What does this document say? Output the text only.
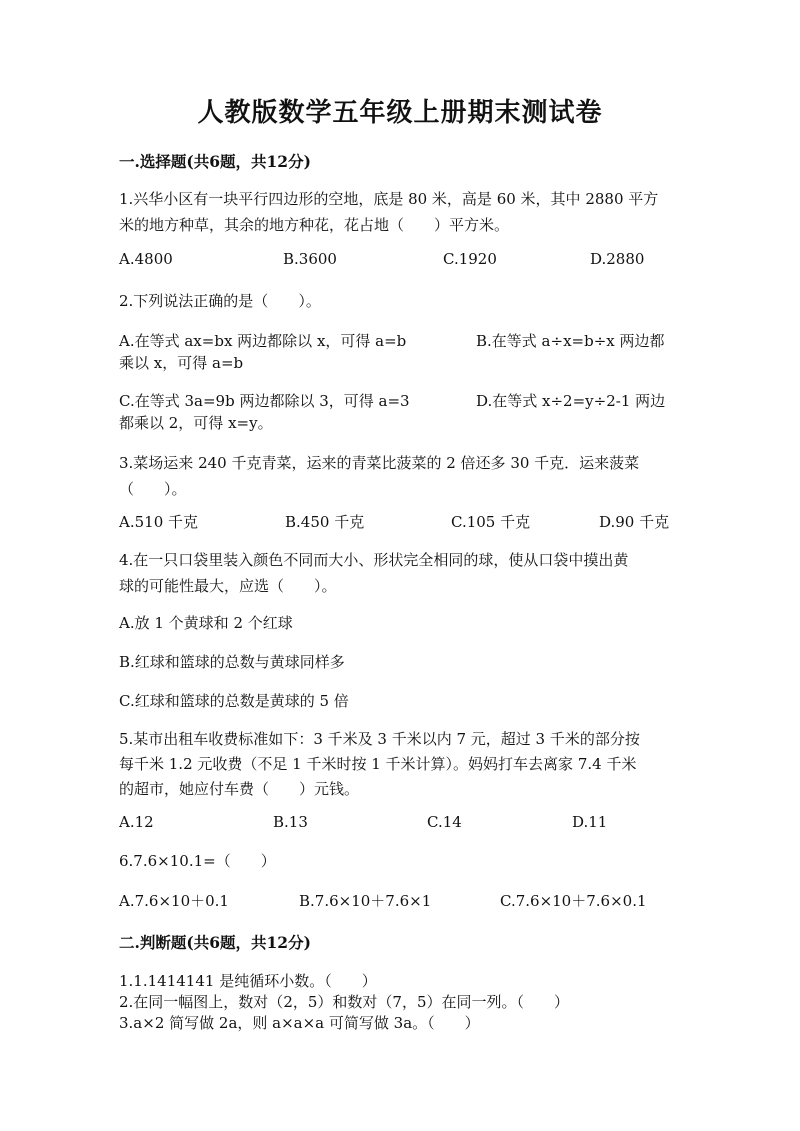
人教版数学五年级上册期末测试卷
一.选择题(共6题，共12分)
1.兴华小区有一块平行四边形的空地，底是 80 米，高是 60 米，其中 2880 平方
米的地方种草，其余的地方种花，花占地（　　）平方米。
A.4800	B.3600	C.1920	D.2880
2.下列说法正确的是（　　）。
A.在等式 ax=bx 两边都除以 x，可得 a=b	B.在等式 a÷x=b÷x 两边都
乘以 x，可得 a=b
C.在等式 3a=9b 两边都除以 3，可得 a=3	D.在等式 x÷2=y÷2-1 两边
都乘以 2，可得 x=y。
3.菜场运来 240 千克青菜，运来的青菜比菠菜的 2 倍还多 30 千克．运来菠菜
（　　）。
A.510 千克	B.450 千克	C.105 千克	D.90 千克
4.在一只口袋里装入颜色不同而大小、形状完全相同的球，使从口袋中摸出黄
球的可能性最大，应选（　　）。
A.放 1 个黄球和 2 个红球
B.红球和篮球的总数与黄球同样多
C.红球和篮球的总数是黄球的 5 倍
5.某市出租车收费标准如下：3 千米及 3 千米以内 7 元，超过 3 千米的部分按
每千米 1.2 元收费（不足 1 千米时按 1 千米计算）。妈妈打车去离家 7.4 千米
的超市，她应付车费（　　）元钱。
A.12	B.13	C.14	D.11
6.7.6×10.1=（　　）
A.7.6×10＋0.1	B.7.6×10＋7.6×1	C.7.6×10＋7.6×0.1
二.判断题(共6题，共12分)
1.1.1414141 是纯循环小数。（　　）
2.在同一幅图上，数对（2，5）和数对（7，5）在同一列。（　　）
3.a×2 简写做 2a，则 a×a×a 可简写做 3a。（　　）
